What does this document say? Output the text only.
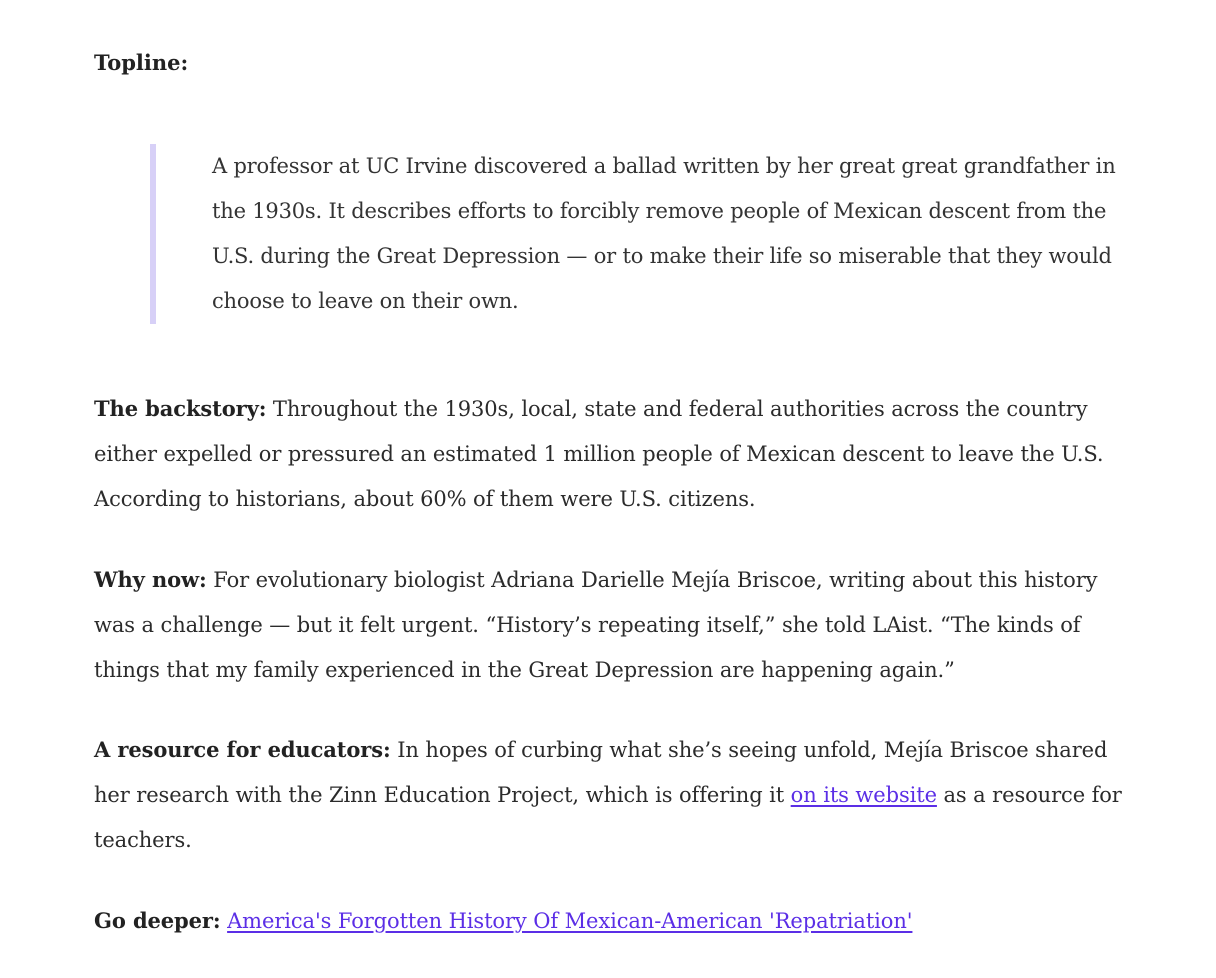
Topline:

A professor at UC Irvine discovered a ballad written by her great great grandfather in the 1930s. It describes efforts to forcibly remove people of Mexican descent from the U.S. during the Great Depression — or to make their life so miserable that they would choose to leave on their own.

The backstory: Throughout the 1930s, local, state and federal authorities across the country either expelled or pressured an estimated 1 million people of Mexican descent to leave the U.S. According to historians, about 60% of them were U.S. citizens.

Why now: For evolutionary biologist Adriana Darielle Mejía Briscoe, writing about this history was a challenge — but it felt urgent. “History’s repeating itself,” she told LAist. “The kinds of things that my family experienced in the Great Depression are happening again.”

A resource for educators: In hopes of curbing what she’s seeing unfold, Mejía Briscoe shared her research with the Zinn Education Project, which is offering it on its website as a resource for teachers.

Go deeper: America's Forgotten History Of Mexican-American 'Repatriation'
